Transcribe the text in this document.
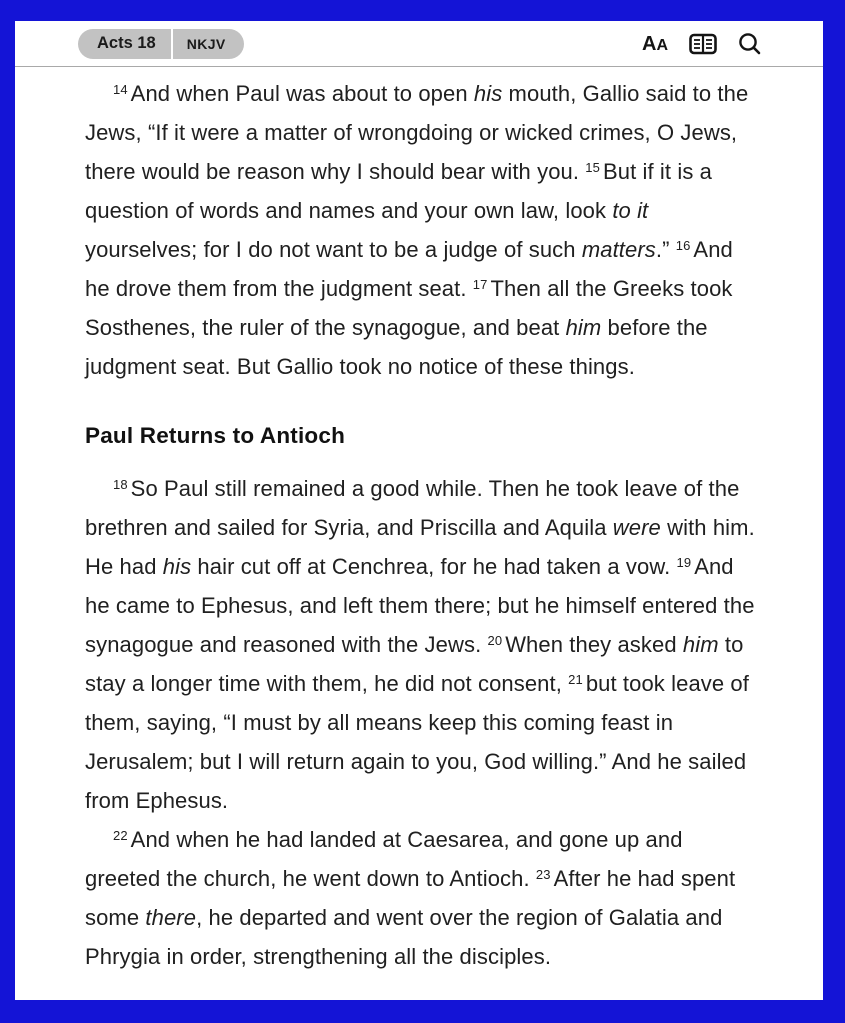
Acts 18	NKJV	A A

$^{14}$ And when Paul was about to open his mouth, Gallio said to the Jews, “If it were a matter of wrongdoing or wicked crimes, O Jews, there would be reason why I should bear with you. $^{15}$ But if it is a question of words and names and your own law, look to it yourselves; for I do not want to be a judge of such matters.” $^{16}$ And he drove them from the judgment seat. $^{17}$ Then all the Greeks took Sosthenes, the ruler of the synagogue, and beat him before the judgment seat. But Gallio took no notice of these things.

Paul Returns to Antioch

$^{18}$ So Paul still remained a good while. Then he took leave of the brethren and sailed for Syria, and Priscilla and Aquila were with him. He had his hair cut off at Cenchrea, for he had taken a vow. $^{19}$ And he came to Ephesus, and left them there; but he himself entered the synagogue and reasoned with the Jews. $^{20}$ When they asked him to stay a longer time with them, he did not consent, $^{21}$ but took leave of them, saying, “I must by all means keep this coming feast in Jerusalem; but I will return again to you, God willing.” And he sailed from Ephesus.

$^{22}$ And when he had landed at Caesarea, and gone up and greeted the church, he went down to Antioch. $^{23}$ After he had spent some there, he departed and went over the region of Galatia and Phrygia in order, strengthening all the disciples.
